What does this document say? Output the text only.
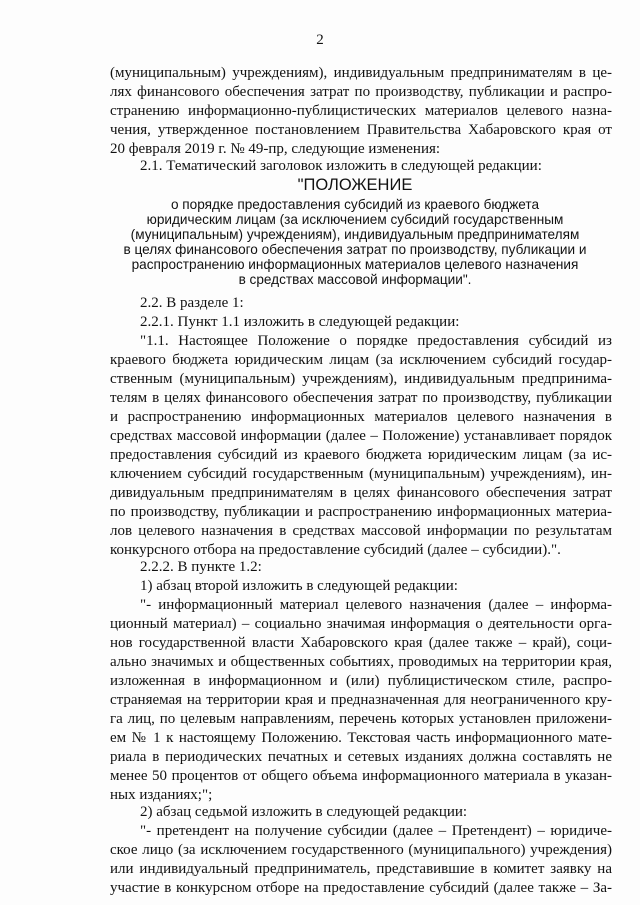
2
(муниципальным) учреждениям), индивидуальным предпринимателям в це-
лях финансового обеспечения затрат по производству, публикации и распро-
странению информационно-публицистических материалов целевого назна-
чения, утвержденное постановлением Правительства Хабаровского края от
20 февраля 2019 г. № 49-пр, следующие изменения:
2.1. Тематический заголовок изложить в следующей редакции:
"ПОЛОЖЕНИЕ
о порядке предоставления субсидий из краевого бюджета
юридическим лицам (за исключением субсидий государственным
(муниципальным) учреждениям), индивидуальным предпринимателям
в целях финансового обеспечения затрат по производству, публикации и
распространению информационных материалов целевого назначения
в средствах массовой информации".
2.2. В разделе 1:
2.2.1. Пункт 1.1 изложить в следующей редакции:
"1.1. Настоящее Положение о порядке предоставления субсидий из
краевого бюджета юридическим лицам (за исключением субсидий государ-
ственным (муниципальным) учреждениям), индивидуальным предпринима-
телям в целях финансового обеспечения затрат по производству, публикации
и распространению информационных материалов целевого назначения в
средствах массовой информации (далее – Положение) устанавливает порядок
предоставления субсидий из краевого бюджета юридическим лицам (за ис-
ключением субсидий государственным (муниципальным) учреждениям), ин-
дивидуальным предпринимателям в целях финансового обеспечения затрат
по производству, публикации и распространению информационных материа-
лов целевого назначения в средствах массовой информации по результатам
конкурсного отбора на предоставление субсидий (далее – субсидии).".
2.2.2. В пункте 1.2:
1) абзац второй изложить в следующей редакции:
"- информационный материал целевого назначения (далее – информа-
ционный материал) – социально значимая информация о деятельности орга-
нов государственной власти Хабаровского края (далее также – край), соци-
ально значимых и общественных событиях, проводимых на территории края,
изложенная в информационном и (или) публицистическом стиле, распро-
страняемая на территории края и предназначенная для неограниченного кру-
га лиц, по целевым направлениям, перечень которых установлен приложени-
ем № 1 к настоящему Положению. Текстовая часть информационного мате-
риала в периодических печатных и сетевых изданиях должна составлять не
менее 50 процентов от общего объема информационного материала в указан-
ных изданиях;";
2) абзац седьмой изложить в следующей редакции:
"- претендент на получение субсидии (далее – Претендент) – юридиче-
ское лицо (за исключением государственного (муниципального) учреждения)
или индивидуальный предприниматель, представившие в комитет заявку на
участие в конкурсном отборе на предоставление субсидий (далее также – За-
